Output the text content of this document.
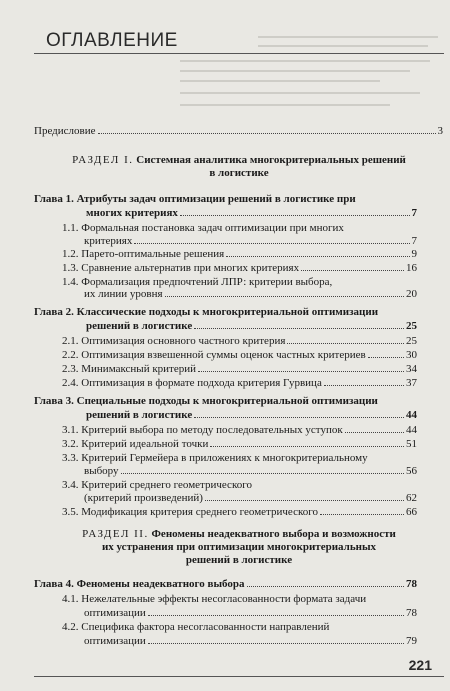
ОГЛАВЛЕНИЕ
Предисловие	3
РАЗДЕЛ I. Системная аналитика многокритериальных решений
в логистике
Глава 1. Атрибуты задач оптимизации решений в логистике при
многих критериях	7
1.1. Формальная постановка задач оптимизации при многих
критериях	7
1.2. Парето-оптимальные решения	9
1.3. Сравнение альтернатив при многих критериях	16
1.4. Формализация предпочтений ЛПР: критерии выбора,
их линии уровня	20
Глава 2. Классические подходы к многокритериальной оптимизации
решений в логистике	25
2.1. Оптимизация основного частного критерия	25
2.2. Оптимизация взвешенной суммы оценок частных критериев	30
2.3. Минимаксный критерий	34
2.4. Оптимизация в формате подхода критерия Гурвица	37
Глава 3. Специальные подходы к многокритериальной оптимизации
решений в логистике	44
3.1. Критерий выбора по методу последовательных уступок	44
3.2. Критерий идеальной точки	51
3.3. Критерий Гермейера в приложениях к многокритериальному
выбору	56
3.4. Критерий среднего геометрического
(критерий произведений)	62
3.5. Модификация критерия среднего геометрического	66
РАЗДЕЛ II. Феномены неадекватного выбора и возможности
их устранения при оптимизации многокритериальных
решений в логистике
Глава 4. Феномены неадекватного выбора	78
4.1. Нежелательные эффекты несогласованности формата задачи
оптимизации	78
4.2. Специфика фактора несогласованности направлений
оптимизации	79
221
